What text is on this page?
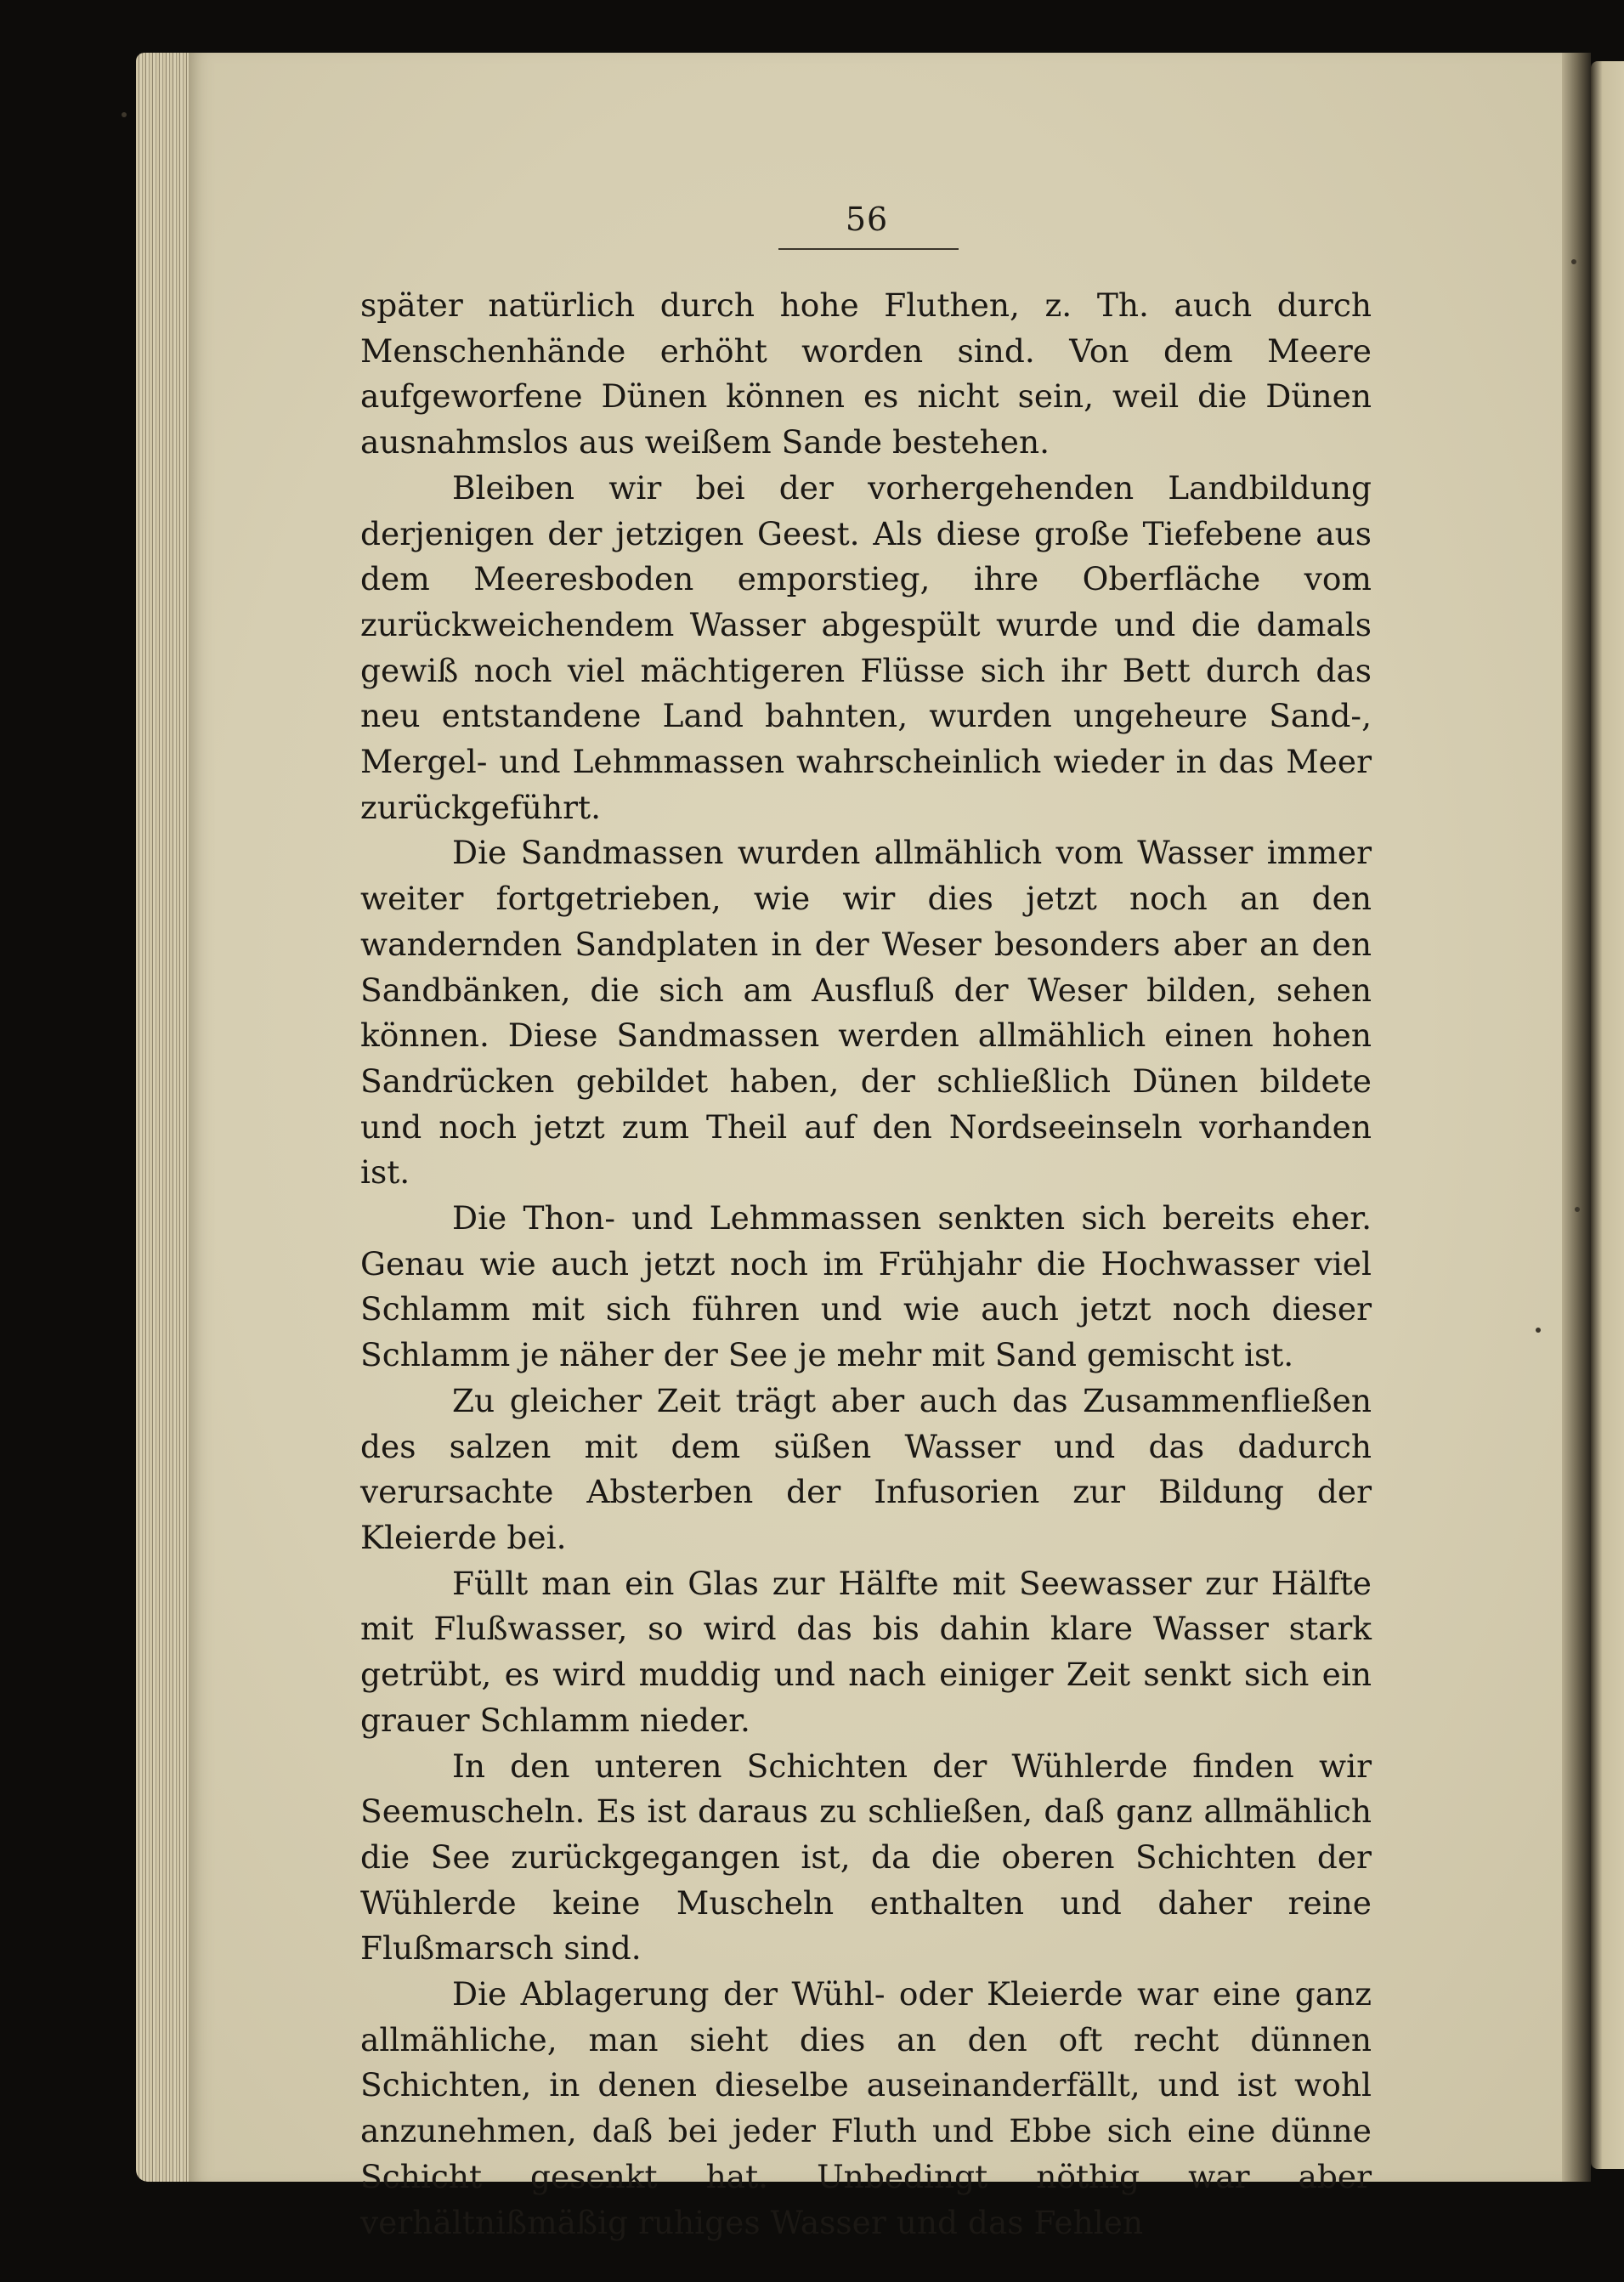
56

später natürlich durch hohe Fluthen, z. Th. auch durch Menschenhände erhöht worden sind. Von dem Meere aufgeworfene Dünen können es nicht sein, weil die Dünen ausnahmslos aus weißem Sande bestehen.

Bleiben wir bei der vorhergehenden Landbildung derjenigen der jetzigen Geest. Als diese große Tiefebene aus dem Meeresboden emporstieg, ihre Oberfläche vom zurückweichendem Wasser abgespült wurde und die damals gewiß noch viel mächtigeren Flüsse sich ihr Bett durch das neu entstandene Land bahnten, wurden ungeheure Sand-, Mergel- und Lehmmassen wahrscheinlich wieder in das Meer zurückgeführt.

Die Sandmassen wurden allmählich vom Wasser immer weiter fortgetrieben, wie wir dies jetzt noch an den wandernden Sandplaten in der Weser besonders aber an den Sandbänken, die sich am Ausfluß der Weser bilden, sehen können. Diese Sandmassen werden allmählich einen hohen Sandrücken gebildet haben, der schließlich Dünen bildete und noch jetzt zum Theil auf den Nordseeinseln vorhanden ist.

Die Thon- und Lehmmassen senkten sich bereits eher. Genau wie auch jetzt noch im Frühjahr die Hochwasser viel Schlamm mit sich führen und wie auch jetzt noch dieser Schlamm je näher der See je mehr mit Sand gemischt ist.

Zu gleicher Zeit trägt aber auch das Zusammenfließen des salzen mit dem süßen Wasser und das dadurch verursachte Absterben der Infusorien zur Bildung der Kleierde bei.

Füllt man ein Glas zur Hälfte mit Seewasser zur Hälfte mit Flußwasser, so wird das bis dahin klare Wasser stark getrübt, es wird muddig und nach einiger Zeit senkt sich ein grauer Schlamm nieder.

In den unteren Schichten der Wühlerde finden wir Seemuscheln. Es ist daraus zu schließen, daß ganz allmählich die See zurückgegangen ist, da die oberen Schichten der Wühlerde keine Muscheln enthalten und daher reine Flußmarsch sind.

Die Ablagerung der Wühl- oder Kleierde war eine ganz allmähliche, man sieht dies an den oft recht dünnen Schichten, in denen dieselbe auseinanderfällt, und ist wohl anzunehmen, daß bei jeder Fluth und Ebbe sich eine dünne Schicht gesenkt hat. Unbedingt nöthig war aber verhältnißmäßig ruhiges Wasser und das Fehlen
